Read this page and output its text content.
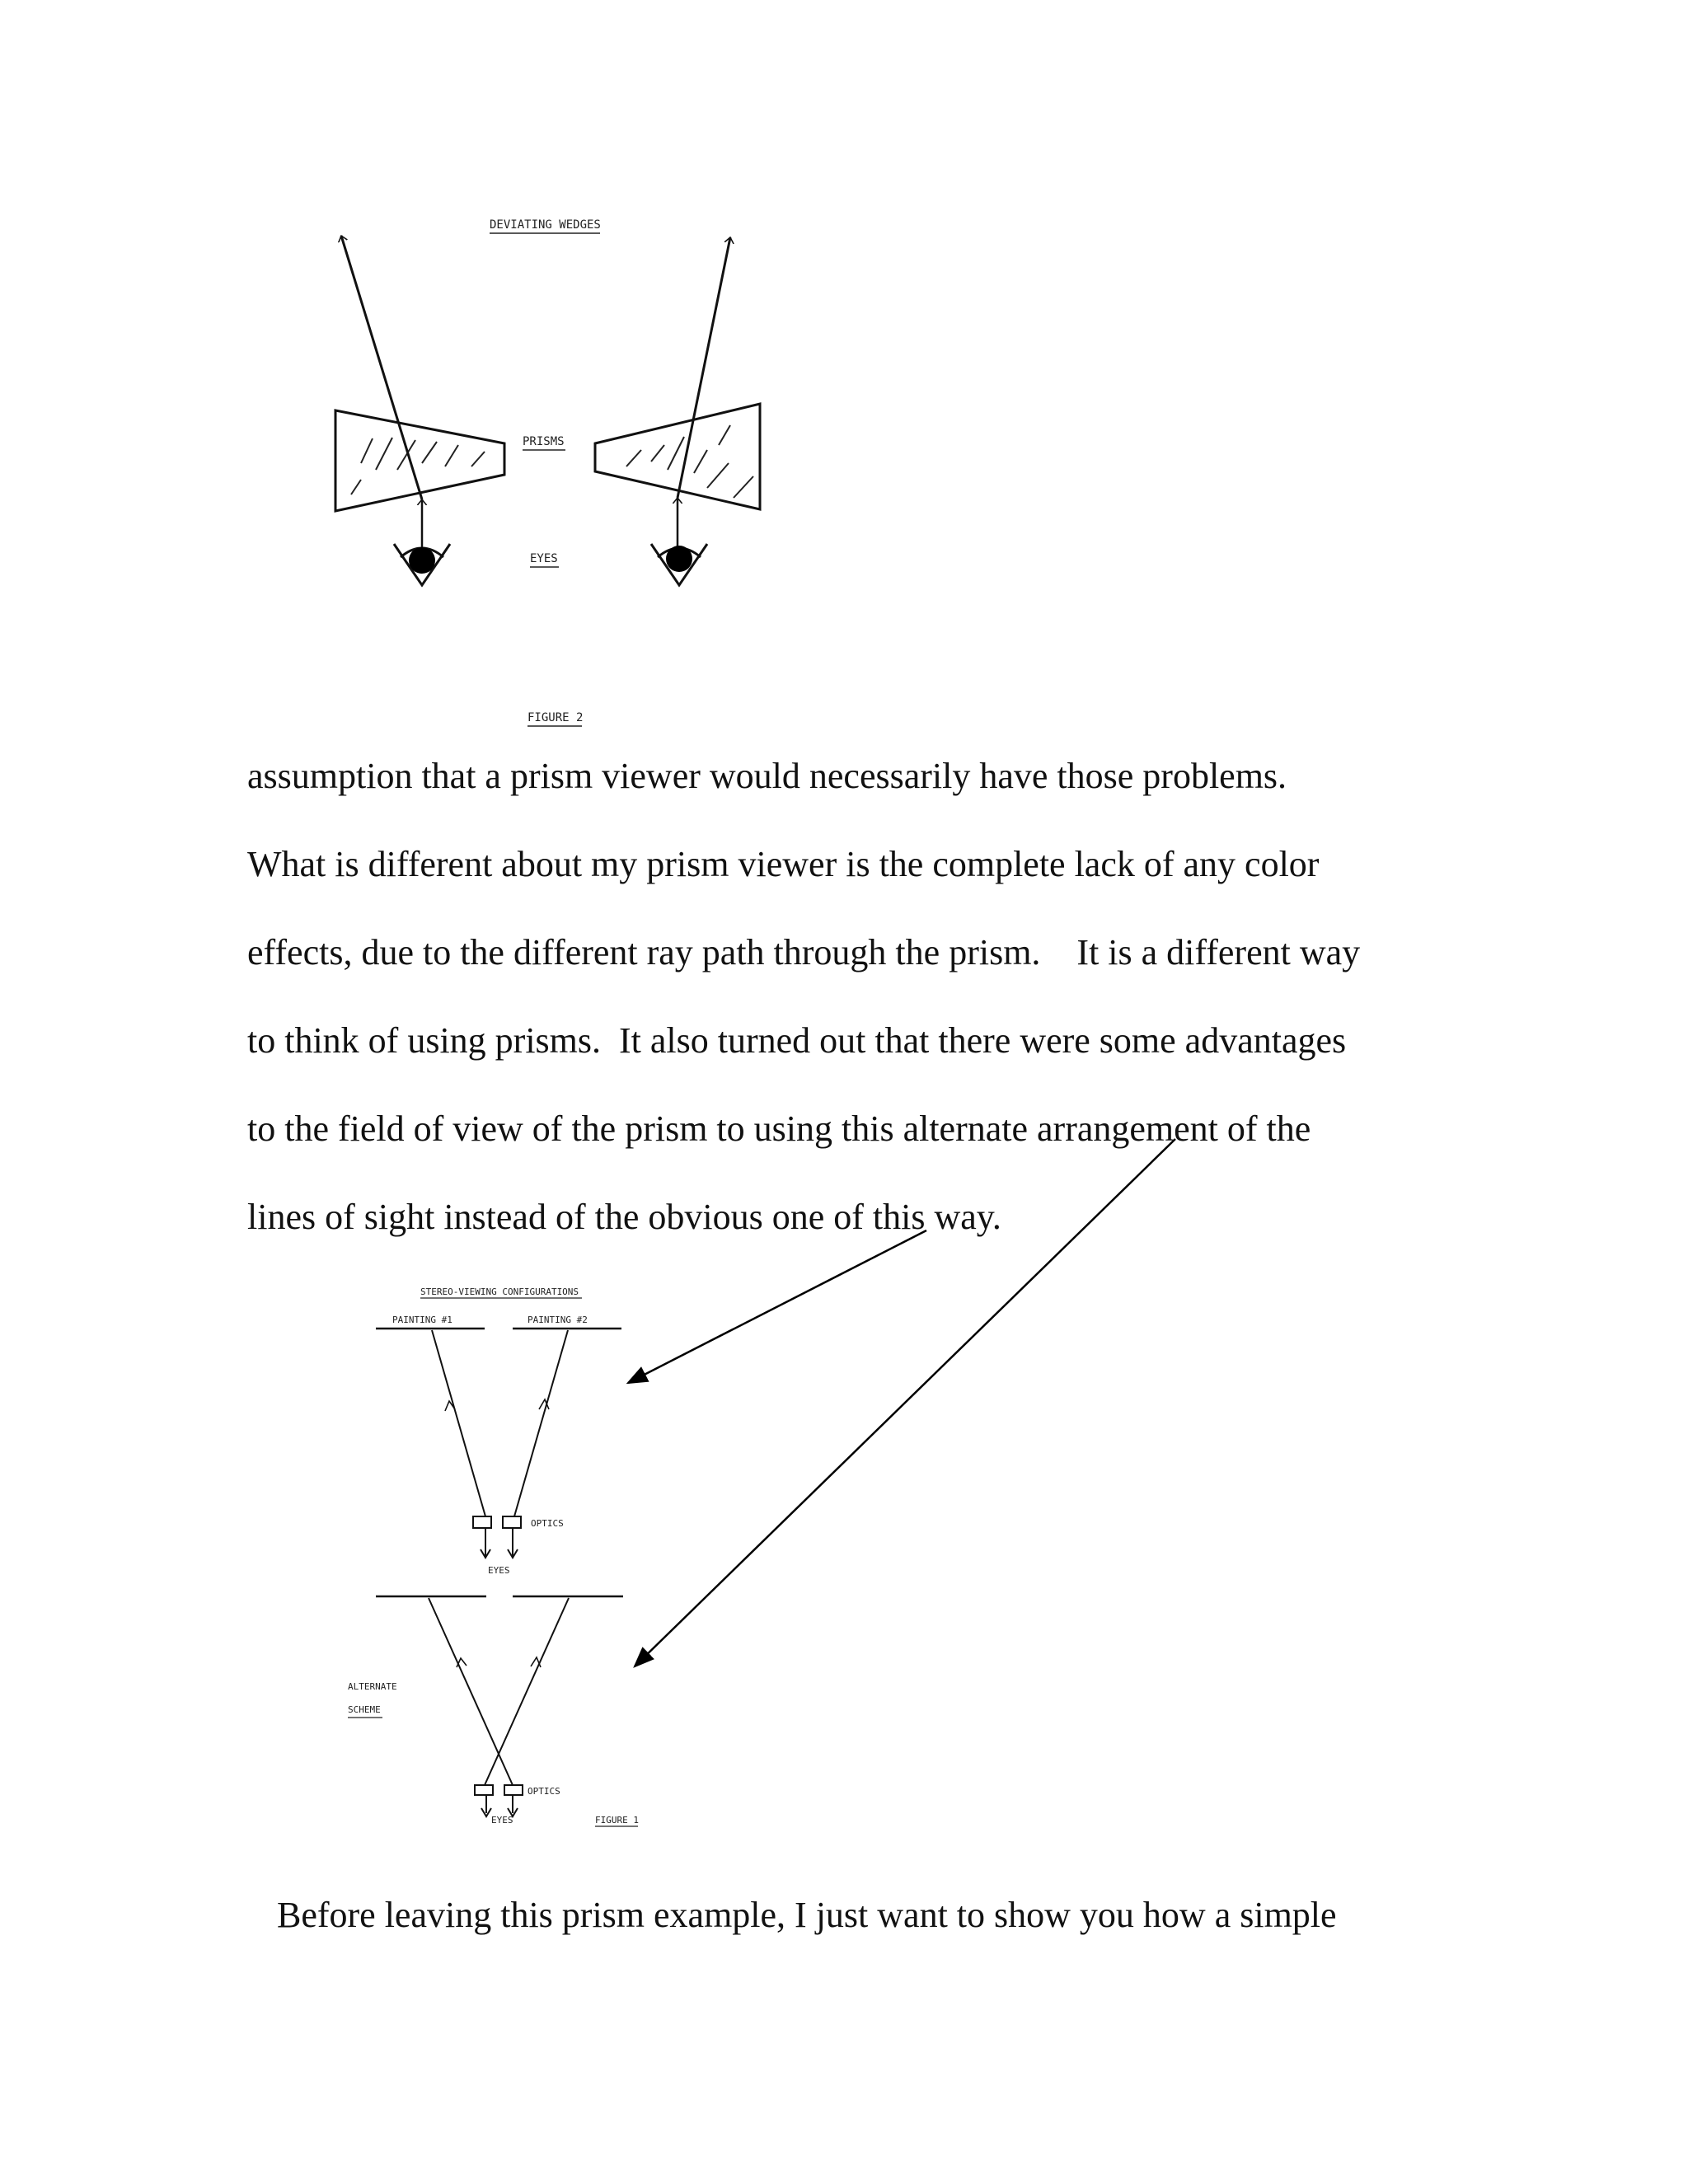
DEVIATING WEDGES
PRISMS
EYES
FIGURE 2
STEREO-VIEWING CONFIGURATIONS
PAINTING #1	PAINTING #2
OPTICS
EYES
ALTERNATE
SCHEME
OPTICS
EYES	FIGURE 1
assumption that a prism viewer would necessarily have those problems.
What is different about my prism viewer is the complete lack of any color
effects, due to the different ray path through the prism.    It is a different way
to think of using prisms.  It also turned out that there were some advantages
to the field of view of the prism to using this alternate arrangement of the
lines of sight instead of the obvious one of this way.
Before leaving this prism example, I just want to show you how a simple
